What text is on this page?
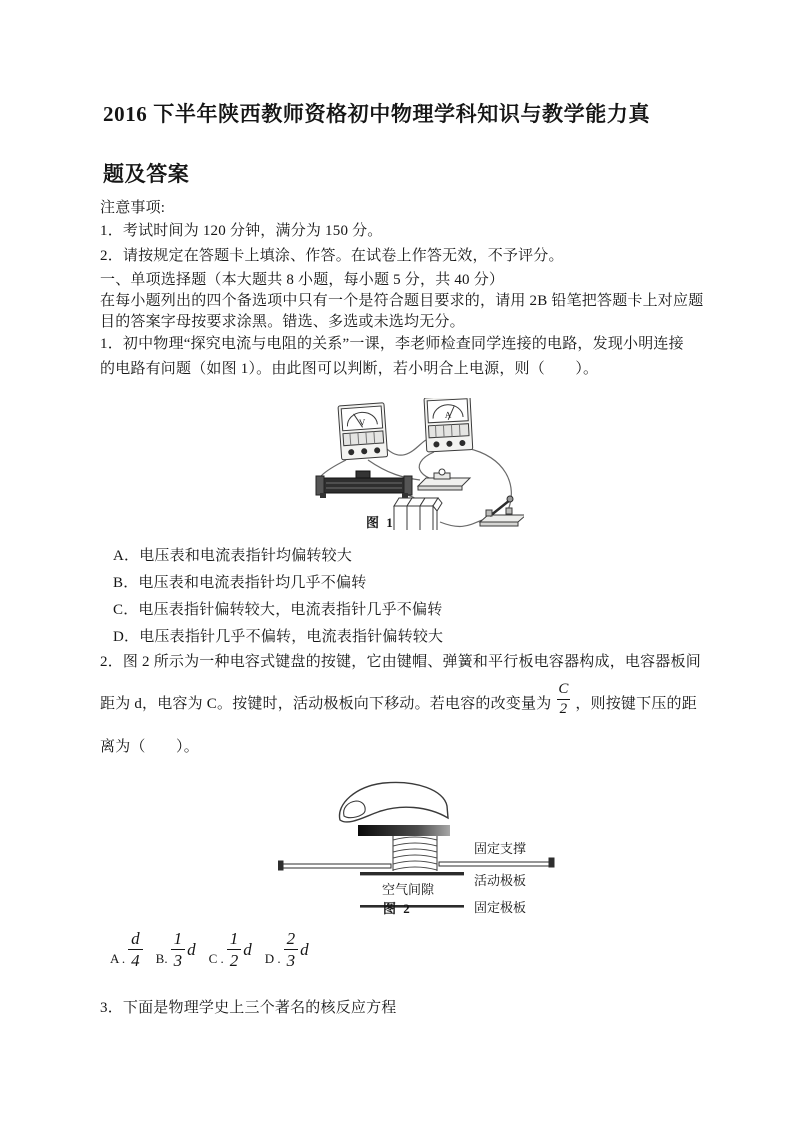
2016 下半年陕西教师资格初中物理学科知识与教学能力真
题及答案
注意事项:
1．考试时间为 120 分钟，满分为 150 分。
2．请按规定在答题卡上填涂、作答。在试卷上作答无效，不予评分。
一、单项选择题（本大题共 8 小题，每小题 5 分，共 40 分）
在每小题列出的四个备选项中只有一个是符合题目要求的，请用 2B 铅笔把答题卡上对应题
目的答案字母按要求涂黑。错选、多选或未选均无分。
1．初中物理“探究电流与电阻的关系”一课，李老师检查同学连接的电路，发现小明连接
的电路有问题（如图 1）。由此图可以判断，若小明合上电源，则（　　）。

V
A

图 1
A．电压表和电流表指针均偏转较大
B．电压表和电流表指针均几乎不偏转
C．电压表指针偏转较大，电流表指针几乎不偏转
D．电压表指针几乎不偏转，电流表指针偏转较大
2．图 2 所示为一种电容式键盘的按键，它由键帽、弹簧和平行板电容器构成，电容器板间
距为 d，电容为 C。按键时，活动极板向下移动。若电容的改变量为 $\frac{C}{2}$ ，则按键下压的距
离为（　　）。

固定支撑
活动极板
空气间隙
固定极板

图 2
A . $\frac{d}{4} B$. $\frac{1}{3}$ d C . $\frac{1}{2}$ d D . $\frac{2}{3}$ d
3．下面是物理学史上三个著名的核反应方程
